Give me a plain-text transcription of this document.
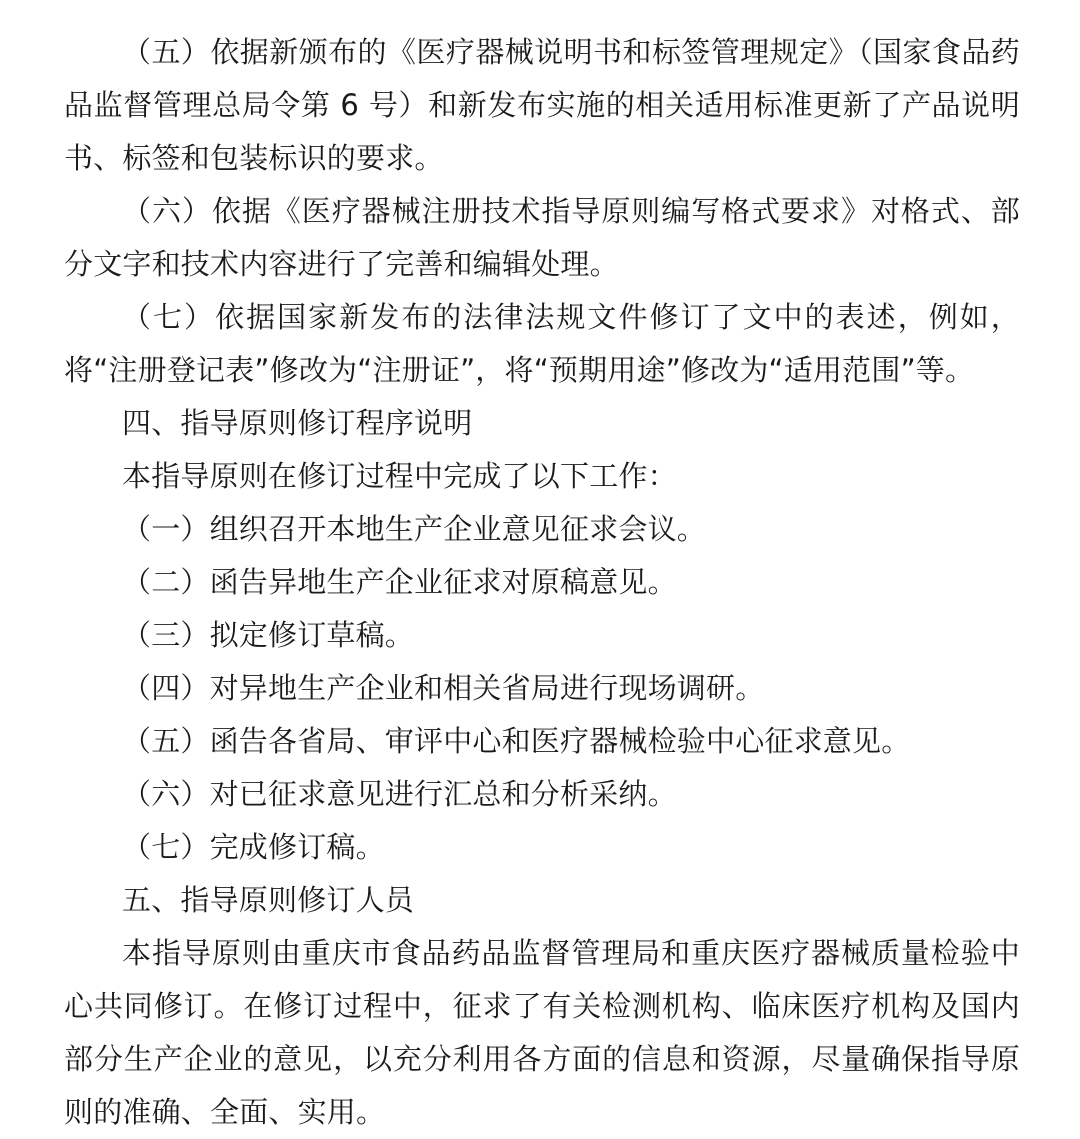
（五）依据新颁布的《医疗器械说明书和标签管理规定》（国家食品药品监督管理总局令第 6 号）和新发布实施的相关适用标准更新了产品说明书、标签和包装标识的要求。

（六）依据《医疗器械注册技术指导原则编写格式要求》对格式、部分文字和技术内容进行了完善和编辑处理。

（七）依据国家新发布的法律法规文件修订了文中的表述，例如，将“注册登记表”修改为“注册证”，将“预期用途”修改为“适用范围”等。

四、指导原则修订程序说明

本指导原则在修订过程中完成了以下工作：

（一）组织召开本地生产企业意见征求会议。

（二）函告异地生产企业征求对原稿意见。

（三）拟定修订草稿。

（四）对异地生产企业和相关省局进行现场调研。

（五）函告各省局、审评中心和医疗器械检验中心征求意见。

（六）对已征求意见进行汇总和分析采纳。

（七）完成修订稿。

五、指导原则修订人员

本指导原则由重庆市食品药品监督管理局和重庆医疗器械质量检验中心共同修订。在修订过程中，征求了有关检测机构、临床医疗机构及国内部分生产企业的意见，以充分利用各方面的信息和资源，尽量确保指导原则的准确、全面、实用。
